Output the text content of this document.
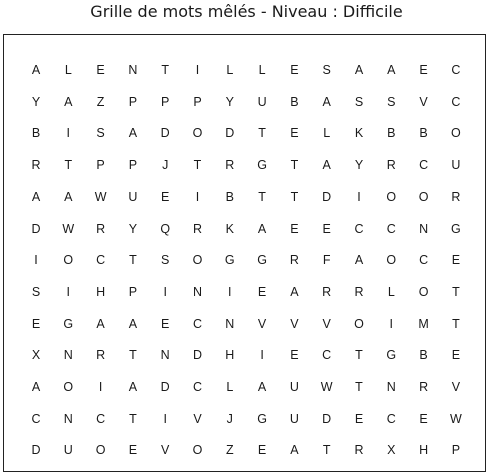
Grille de mots mêlés - Niveau : Difficile
A	L	E	N	T	I	L	L	E	S	A	A	E	C
Y	A	Z	P	P	P	Y	U	B	A	S	S	V	C
B	I	S	A	D	O	D	T	E	L	K	B	B	O
R	T	P	P	J	T	R	G	T	A	Y	R	C	U
A	A	W	U	E	I	B	T	T	D	I	O	O	R
D	W	R	Y	Q	R	K	A	E	E	C	C	N	G
I	O	C	T	S	O	G	G	R	F	A	O	C	E
S	I	H	P	I	N	I	E	A	R	R	L	O	T
E	G	A	A	E	C	N	V	V	V	O	I	M	T
X	N	R	T	N	D	H	I	E	C	T	G	B	E
A	O	I	A	D	C	L	A	U	W	T	N	R	V
C	N	C	T	I	V	J	G	U	D	E	C	E	W
D	U	O	E	V	O	Z	E	A	T	R	X	H	P
